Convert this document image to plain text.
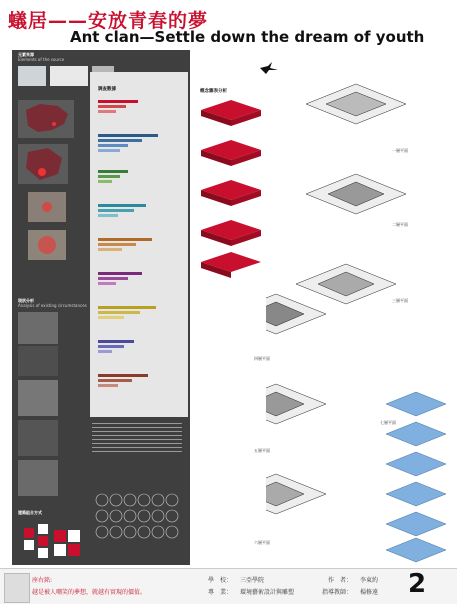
蟻居——安放青春的夢
Ant clan—Settle down the dream of youth
元素來源
Elements of the source
現狀分析
Analysis of existing circumstances
建築組合方式
調查數據	概念圖表分析
一層平面
二層平面
三層平面
四層平面
五層平面
六層平面
七層平面
座右銘:
越是被人嘲笑的夢想，就越有實現的價值。
學　校： 三亞學院
專　業： 環境藝術設計與雕塑
作　者： 李東約
指導教師： 楊修遠 2
